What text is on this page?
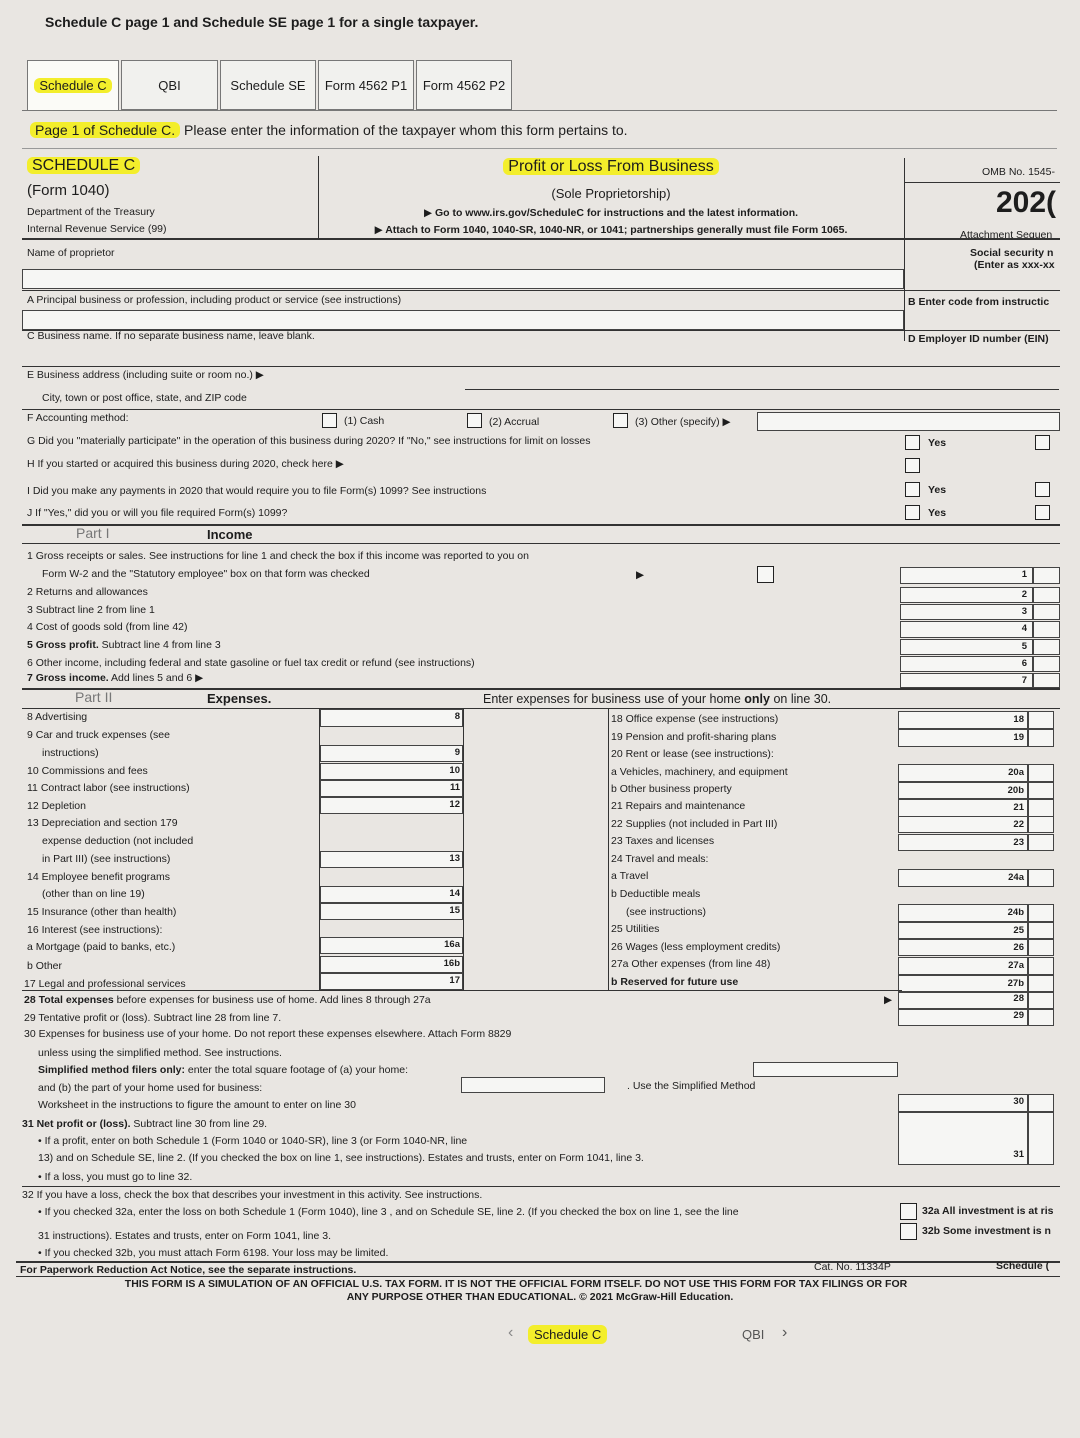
Schedule C page 1 and Schedule SE page 1 for a single taxpayer.
Schedule C	QBI	Schedule SE Form 4562 P1 Form 4562 P2
Page 1 of Schedule C. Please enter the information of the taxpayer whom this form pertains to.
SCHEDULE C
(Form 1040)
Department of the Treasury
Internal Revenue Service (99)
Profit or Loss From Business
(Sole Proprietorship)
▶ Go to www.irs.gov/ScheduleC for instructions and the latest information.
▶ Attach to Form 1040, 1040-SR, 1040-NR, or 1041; partnerships generally must file Form 1065.
OMB No. 1545-
202(
Attachment Sequen
Name of proprietor	Social security n
(Enter as xxx-xx
A Principal business or profession, including product or service (see instructions)	B Enter code from instructic
C Business name. If no separate business name, leave blank.	D Employer ID number (EIN)
E Business address (including suite or room no.) ▶
City, town or post office, state, and ZIP code
F Accounting method:	(1) Cash	(2) Accrual	(3) Other (specify) ▶
G Did you "materially participate" in the operation of this business during 2020? If "No," see instructions for limit on losses	Yes
H If you started or acquired this business during 2020, check here ▶
I Did you make any payments in 2020 that would require you to file Form(s) 1099? See instructions	Yes
J If "Yes," did you or will you file required Form(s) 1099?	Yes
Part I	Income
1 Gross receipts or sales. See instructions for line 1 and check the box if this income was reported to you on
Form W-2 and the "Statutory employee" box on that form was checked	▶
2 Returns and allowances
3 Subtract line 2 from line 1
4 Cost of goods sold (from line 42)
5 Gross profit. Subtract line 4 from line 3
6 Other income, including federal and state gasoline or fuel tax credit or refund (see instructions)
7 Gross income. Add lines 5 and 6 ▶
1
2
3
4
5
6
7
Part II	Expenses.	Enter expenses for business use of your home only on line 30.
8 Advertising
9 Car and truck expenses (see
instructions)
10 Commissions and fees
11 Contract labor (see instructions)
12 Depletion
13 Depreciation and section 179
expense deduction (not included
in Part III) (see instructions)
14 Employee benefit programs
(other than on line 19)
15 Insurance (other than health)
16 Interest (see instructions):
a Mortgage (paid to banks, etc.)
b Other
17 Legal and professional services
8
9
10
11
12
13
14
15
16a
16b
17
18 Office expense (see instructions)
19 Pension and profit-sharing plans
20 Rent or lease (see instructions):
a Vehicles, machinery, and equipment
b Other business property
21 Repairs and maintenance
22 Supplies (not included in Part III)
23 Taxes and licenses
24 Travel and meals:
a Travel
b Deductible meals
(see instructions)
25 Utilities
26 Wages (less employment credits)
27a Other expenses (from line 48)
b Reserved for future use
18
19
20a
20b
21
22
23
24a
24b
25
26
27a
27b
28 Total expenses before expenses for business use of home. Add lines 8 through 27a	▶
29 Tentative profit or (loss). Subtract line 28 from line 7.
30 Expenses for business use of your home. Do not report these expenses elsewhere. Attach Form 8829
unless using the simplified method. See instructions.
Simplified method filers only: enter the total square footage of (a) your home:
and (b) the part of your home used for business:	. Use the Simplified Method
Worksheet in the instructions to figure the amount to enter on line 30
31 Net profit or (loss). Subtract line 30 from line 29.
• If a profit, enter on both Schedule 1 (Form 1040 or 1040-SR), line 3 (or Form 1040-NR, line
13) and on Schedule SE, line 2. (If you checked the box on line 1, see instructions). Estates and trusts, enter on Form 1041, line 3.
• If a loss, you must go to line 32.
32 If you have a loss, check the box that describes your investment in this activity. See instructions.
• If you checked 32a, enter the loss on both Schedule 1 (Form 1040), line 3 , and on Schedule SE, line 2. (If you checked the box on line 1, see the line
31 instructions). Estates and trusts, enter on Form 1041, line 3.
• If you checked 32b, you must attach Form 6198. Your loss may be limited.
32a All investment is at ris
32b Some investment is n
28
29
30
31
For Paperwork Reduction Act Notice, see the separate instructions.	Cat. No. 11334P	Schedule (
THIS FORM IS A SIMULATION OF AN OFFICIAL U.S. TAX FORM. IT IS NOT THE OFFICIAL FORM ITSELF. DO NOT USE THIS FORM FOR TAX FILINGS OR FOR
ANY PURPOSE OTHER THAN EDUCATIONAL. © 2021 McGraw-Hill Education.
‹	Schedule C	QBI ›
